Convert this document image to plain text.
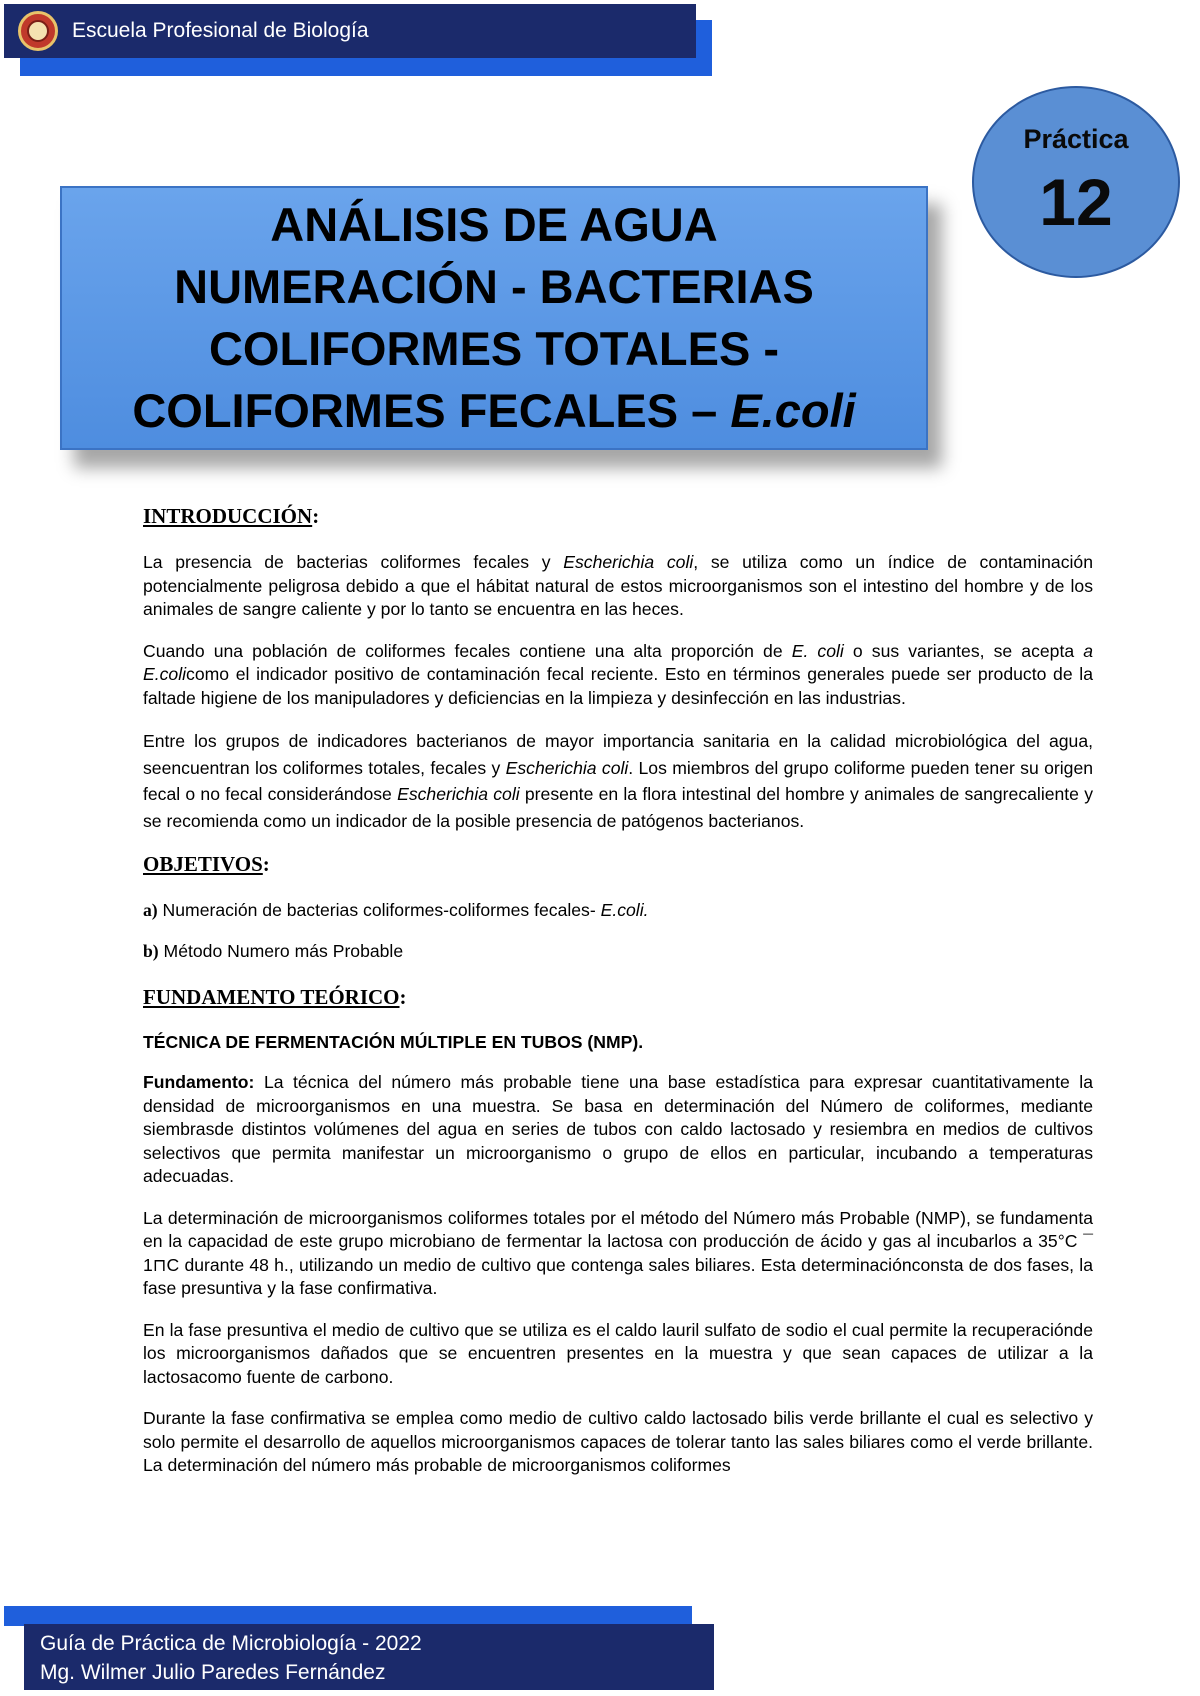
Escuela Profesional de Biología
Práctica
12
ANÁLISIS DE AGUA
NUMERACIÓN - BACTERIAS
COLIFORMES TOTALES -
COLIFORMES FECALES – E.coli
INTRODUCCIÓN:

La presencia de bacterias coliformes fecales y Escherichia coli, se utiliza como un índice de contaminación potencialmente peligrosa debido a que el hábitat natural de estos microorganismos son el intestino del hombre y de los animales de sangre caliente y por lo tanto se encuentra en las heces.

Cuando una población de coliformes fecales contiene una alta proporción de E. coli o sus variantes, se acepta a E.colicomo el indicador positivo de contaminación fecal reciente. Esto en términos generales puede ser producto de la faltade higiene de los manipuladores y deficiencias en la limpieza y desinfección en las industrias.

Entre los grupos de indicadores bacterianos de mayor importancia sanitaria en la calidad microbiológica del agua, seencuentran los coliformes totales, fecales y Escherichia coli. Los miembros del grupo coliforme pueden tener su origen fecal o no fecal considerándose Escherichia coli presente en la flora intestinal del hombre y animales de sangrecaliente y se recomienda como un indicador de la posible presencia de patógenos bacterianos.

OBJETIVOS:
a) Numeración de bacterias coliformes-coliformes fecales- E.coli.
b) Método Numero más Probable
FUNDAMENTO TEÓRICO:
TÉCNICA DE FERMENTACIÓN MÚLTIPLE EN TUBOS (NMP).

Fundamento: La técnica del número más probable tiene una base estadística para expresar cuantitativamente la densidad de microorganismos en una muestra. Se basa en determinación del Número de coliformes, mediante siembrasde distintos volúmenes del agua en series de tubos con caldo lactosado y resiembra en medios de cultivos selectivos que permita manifestar un microorganismo o grupo de ellos en particular, incubando a temperaturas adecuadas.

La determinación de microorganismos coliformes totales por el método del Número más Probable (NMP), se fundamenta en la capacidad de este grupo microbiano de fermentar la lactosa con producción de ácido y gas al incubarlos a 35°C ¯ 1⊓C durante 48 h., utilizando un medio de cultivo que contenga sales biliares. Esta determinaciónconsta de dos fases, la fase presuntiva y la fase confirmativa.

En la fase presuntiva el medio de cultivo que se utiliza es el caldo lauril sulfato de sodio el cual permite la recuperaciónde los microorganismos dañados que se encuentren presentes en la muestra y que sean capaces de utilizar a la lactosacomo fuente de carbono.

Durante la fase confirmativa se emplea como medio de cultivo caldo lactosado bilis verde brillante el cual es selectivo y solo permite el desarrollo de aquellos microorganismos capaces de tolerar tanto las sales biliares como el verde brillante. La determinación del número más probable de microorganismos coliformes

Guía de Práctica de Microbiología - 2022
Mg. Wilmer Julio Paredes Fernández
